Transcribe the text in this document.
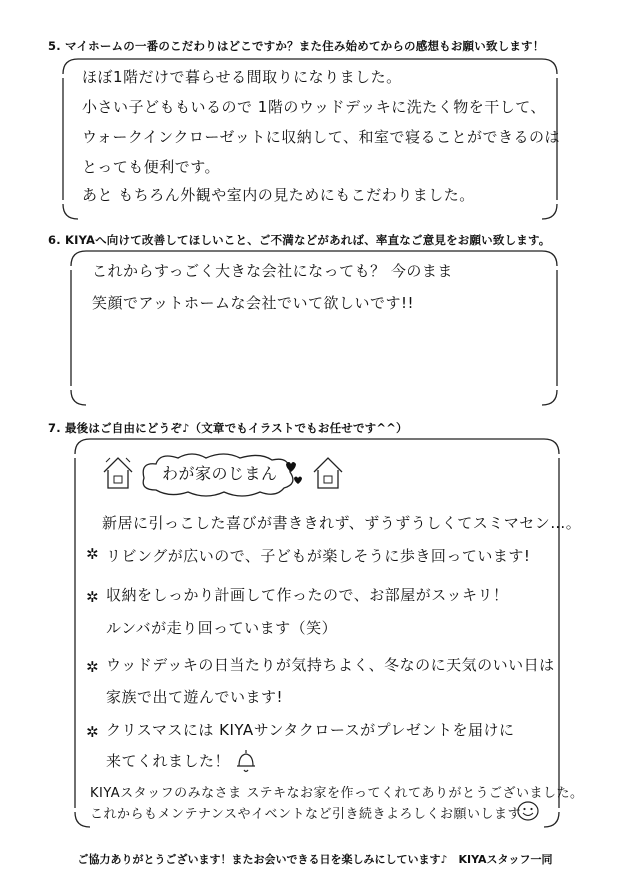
5. マイホームの一番のこだわりはどこですか？また住み始めてからの感想もお願い致します！
ほぼ1階だけで暮らせる間取りになりました。
小さい子どももいるので 1階のウッドデッキに洗たく物を干して、
ウォークインクローゼットに収納して、和室で寝ることができるのは
とっても便利です。
あと もちろん外観や室内の見ためにもこだわりました。
6. KIYAへ向けて改善してほしいこと、ご不満などがあれば、率直なご意見をお願い致します。
これからすっごく大きな会社になっても？ 今のまま
笑顔でアットホームな会社でいて欲しいです!!
7. 最後はご自由にどうぞ♪（文章でもイラストでもお任せです^^）
わが家のじまん
新居に引っこした喜びが書ききれず、ずうずうしくてスミマセン…。
✲ リビングが広いので、子どもが楽しそうに歩き回っています!
✲ 収納をしっかり計画して作ったので、お部屋がスッキリ！
ルンバが走り回っています（笑）
✲ ウッドデッキの日当たりが気持ちよく、冬なのに天気のいい日は
家族で出て遊んでいます!
✲ クリスマスには KIYAサンタクロースがプレゼントを届けに
来てくれました！
KIYAスタッフのみなさま ステキなお家を作ってくれてありがとうございました。
これからもメンテナンスやイベントなど引き続きよろしくお願いします
ご協力ありがとうございます！またお会いできる日を楽しみにしています♪　KIYAスタッフ一同
